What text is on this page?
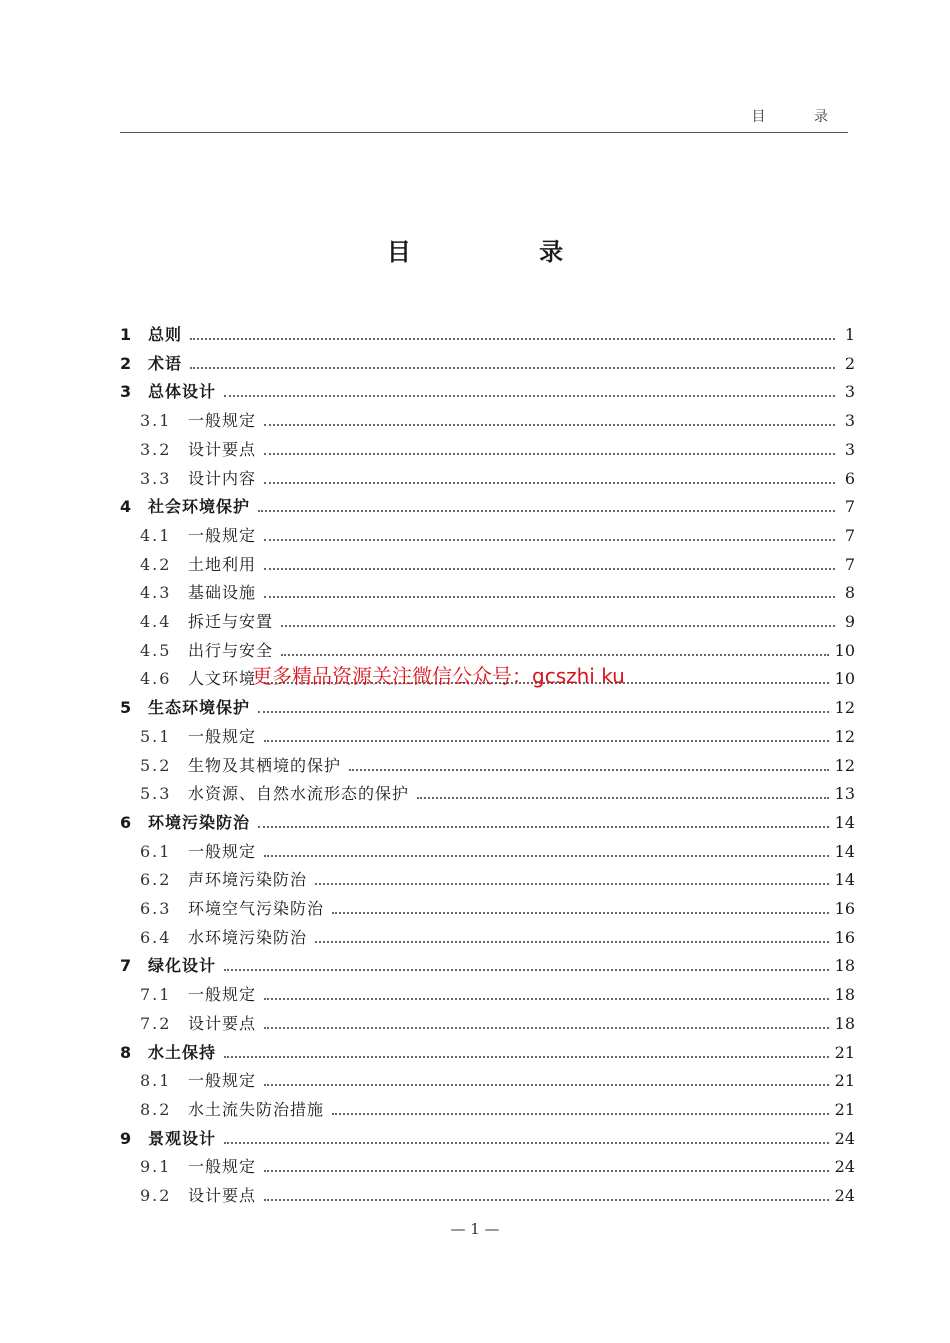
目 录
目 录
1	总则	1
2	术语	2
3	总体设计	3
3.1	一般规定	3
3.2	设计要点	3
3.3	设计内容	6
4	社会环境保护	7
4.1	一般规定	7
4.2	土地利用	7
4.3	基础设施	8
4.4	拆迁与安置	9
4.5	出行与安全	10
4.6	人文环境	10
5	生态环境保护	12
5.1	一般规定	12
5.2	生物及其栖境的保护	12
5.3	水资源、自然水流形态的保护	13
6	环境污染防治	14
6.1	一般规定	14
6.2	声环境污染防治	14
6.3	环境空气污染防治	16
6.4	水环境污染防治	16
7	绿化设计	18
7.1	一般规定	18
7.2	设计要点	18
8	水土保持	21
8.1	一般规定	21
8.2	水土流失防治措施	21
9	景观设计	24
9.1	一般规定	24
9.2	设计要点	24
更多精品资源关注微信公众号：gcszhi ku
— 1 —
